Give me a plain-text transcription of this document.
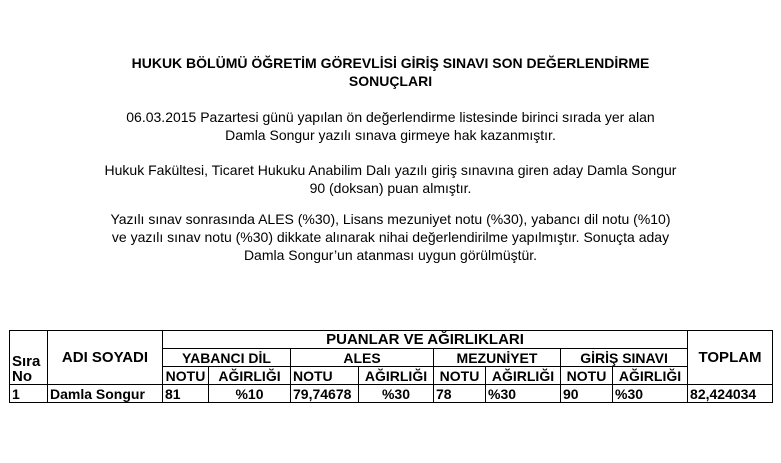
HUKUK BÖLÜMÜ ÖĞRETİM GÖREVLİSİ GİRİŞ SINAVI SON DEĞERLENDİRME
SONUÇLARI
06.03.2015 Pazartesi günü yapılan ön değerlendirme listesinde birinci sırada yer alan
Damla Songur yazılı sınava girmeye hak kazanmıştır.
Hukuk Fakültesi, Ticaret Hukuku Anabilim Dalı yazılı giriş sınavına giren aday Damla Songur
90 (doksan) puan almıştır.
Yazılı sınav sonrasında ALES (%30), Lisans mezuniyet notu (%30), yabancı dil notu (%10)
ve yazılı sınav notu (%30) dikkate alınarak nihai değerlendirilme yapılmıştır. Sonuçta aday
Damla Songur’un atanması uygun görülmüştür.
Sıra
No	ADI SOYADI	PUANLAR VE AĞIRLIKLARI								TOPLAM
		YABANCI DİL		ALES		MEZUNİYET		GİRİŞ SINAVI		
		NOTU	AĞIRLIĞI	NOTU	AĞIRLIĞI	NOTU	AĞIRLIĞI	NOTU	AĞIRLIĞI	
1	Damla Songur	81	%10	79,74678	%30	78	%30	90	%30	82,424034
